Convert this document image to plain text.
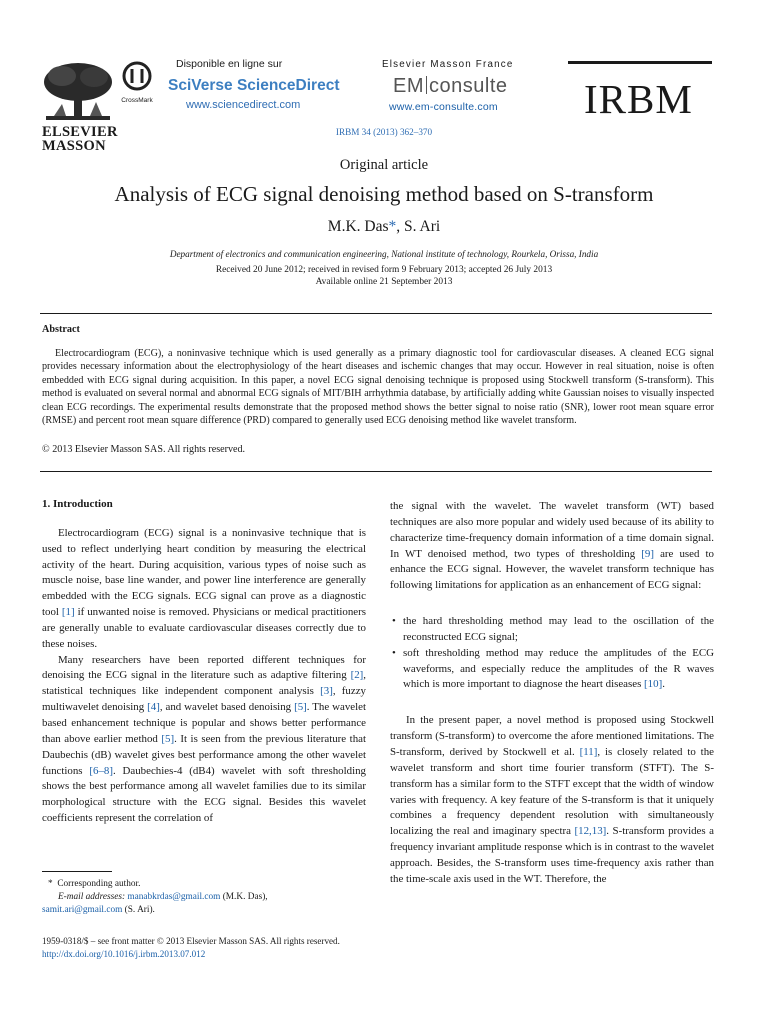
ELSEVIER
MASSON
CrossMark
Disponible en ligne sur
SciVerse ScienceDirect
www.sciencedirect.com
Elsevier Masson France
EM consulte
www.em-consulte.com IRBM
IRBM 34 (2013) 362–370
Original article
Analysis of ECG signal denoising method based on S-transform
M.K. Das*, S. Ari
Department of electronics and communication engineering, National institute of technology, Rourkela, Orissa, India
Received 20 June 2012; received in revised form 9 February 2013; accepted 26 July 2013
Available online 21 September 2013
Abstract

Electrocardiogram (ECG), a noninvasive technique which is used generally as a primary diagnostic tool for cardiovascular diseases. A cleaned ECG signal provides necessary information about the electrophysiology of the heart diseases and ischemic changes that may occur. However in real situation, noise is often embedded with ECG signal during acquisition. In this paper, a novel ECG signal denoising technique is proposed using Stockwell transform (S-transform). This method is evaluated on several normal and abnormal ECG signals of MIT/BIH arrhythmia database, by artificially adding white Gaussian noises to visually inspected clean ECG recordings. The experimental results demonstrate that the proposed method shows the better signal to noise ratio (SNR), lower root mean square error (RMSE) and percent root mean square difference (PRD) compared to generally used ECG denoising method like wavelet transform.

© 2013 Elsevier Masson SAS. All rights reserved.

1. Introduction

Electrocardiogram (ECG) signal is a noninvasive technique that is used to reflect underlying heart condition by measuring the electrical activity of the heart. During acquisition, various types of noise such as muscle noise, base line wander, and power line interference are generally embedded with the ECG signals. ECG signal can prove as a diagnostic tool [1] if unwanted noise is removed. Physicians or medical practitioners are generally unable to evaluate cardiovascular diseases correctly due to these noises.

Many researchers have been reported different techniques for denoising the ECG signal in the literature such as adaptive filtering [2], statistical techniques like independent component analysis [3], fuzzy multiwavelet denoising [4], and wavelet based denoising [5]. The wavelet based enhancement technique is popular and shows better performance than above earlier method [5]. It is seen from the previous literature that Daubechis (dB) wavelet gives best performance among the other wavelet functions [6–8]. Daubechies-4 (dB4) wavelet with soft thresholding shows the best performance among all wavelet families due to its similar morphological structure with the ECG signal. Besides this wavelet coefficients represent the correlation of

* Corresponding author.

E-mail addresses: manabkrdas@gmail.com (M.K. Das),

samit.ari@gmail.com (S. Ari).

1959-0318/$ – see front matter © 2013 Elsevier Masson SAS. All rights reserved.

http://dx.doi.org/10.1016/j.irbm.2013.07.012

the signal with the wavelet. The wavelet transform (WT) based techniques are also more popular and widely used because of its ability to characterize time-frequency domain information of a time domain signal. In WT denoised method, two types of thresholding [9] are used to enhance the ECG signal. However, the wavelet transform technique has following limitations for application as an enhancement of ECG signal:

• the hard thresholding method may lead to the oscillation of the reconstructed ECG signal;
• soft thresholding method may reduce the amplitudes of the ECG waveforms, and especially reduce the amplitudes of the R waves which is more important to diagnose the heart diseases [10].

In the present paper, a novel method is proposed using Stockwell transform (S-transform) to overcome the afore mentioned limitations. The S-transform, derived by Stockwell et al. [11], is closely related to the wavelet transform and short time fourier transform (STFT). The S-transform has a similar form to the STFT except that the width of window varies with frequency. A key feature of the S-transform is that it uniquely combines a frequency dependent resolution with simultaneously localizing the real and imaginary spectra [12,13]. S-transform provides a frequency invariant amplitude response which is in contrast to the wavelet approach. Besides, the S-transform uses time-frequency axis rather than the time-scale axis used in the WT. Therefore, the
